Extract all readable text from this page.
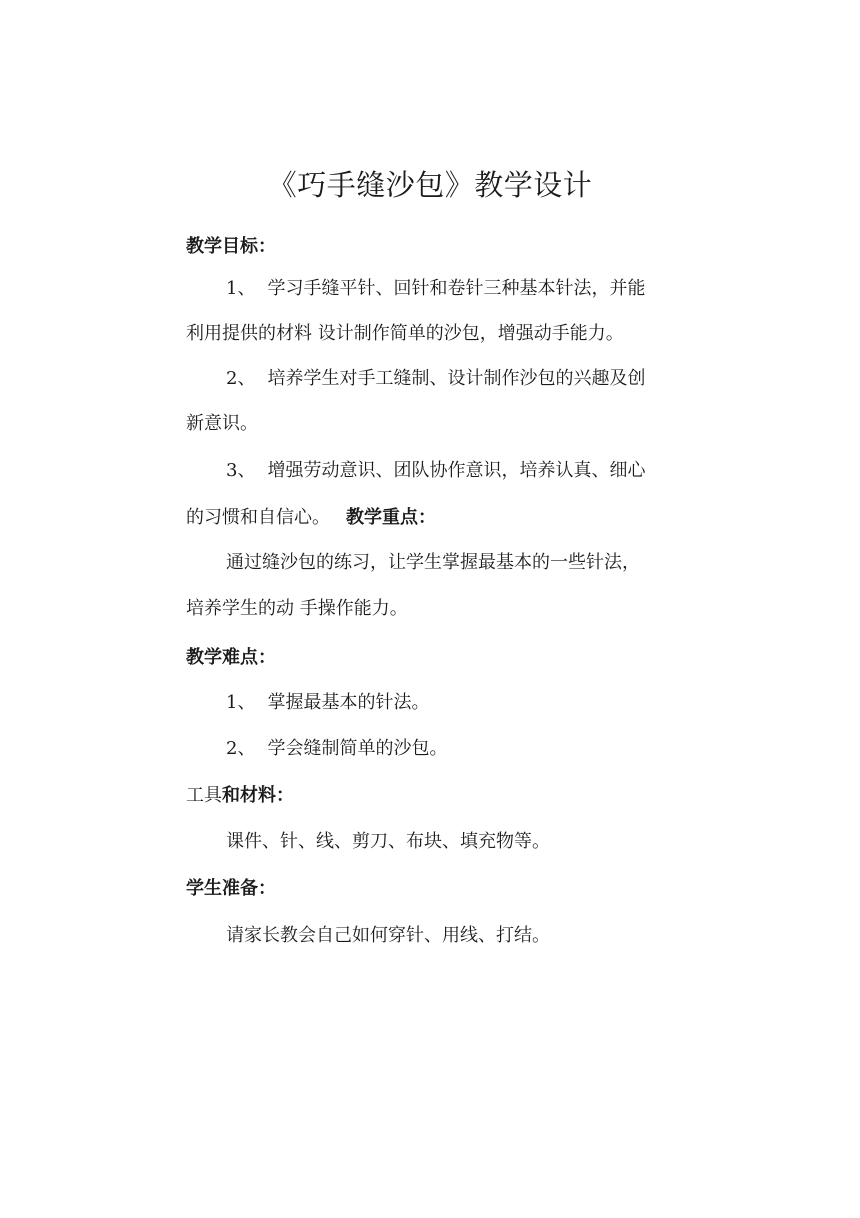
《巧手缝沙包》教学设计
教学目标：
1、 学习手缝平针、回针和卷针三种基本针法，并能
利用提供的材料 设计制作简单的沙包，增强动手能力。
2、 培养学生对手工缝制、设计制作沙包的兴趣及创
新意识。
3、 增强劳动意识、团队协作意识，培养认真、细心
的习惯和自信心。 教学重点：
通过缝沙包的练习，让学生掌握最基本的一些针法，
培养学生的动 手操作能力。
教学难点：
1、 掌握最基本的针法。
2、 学会缝制简单的沙包。
工具和材料：
课件、针、线、剪刀、布块、填充物等。
学生准备：
请家长教会自己如何穿针、用线、打结。
